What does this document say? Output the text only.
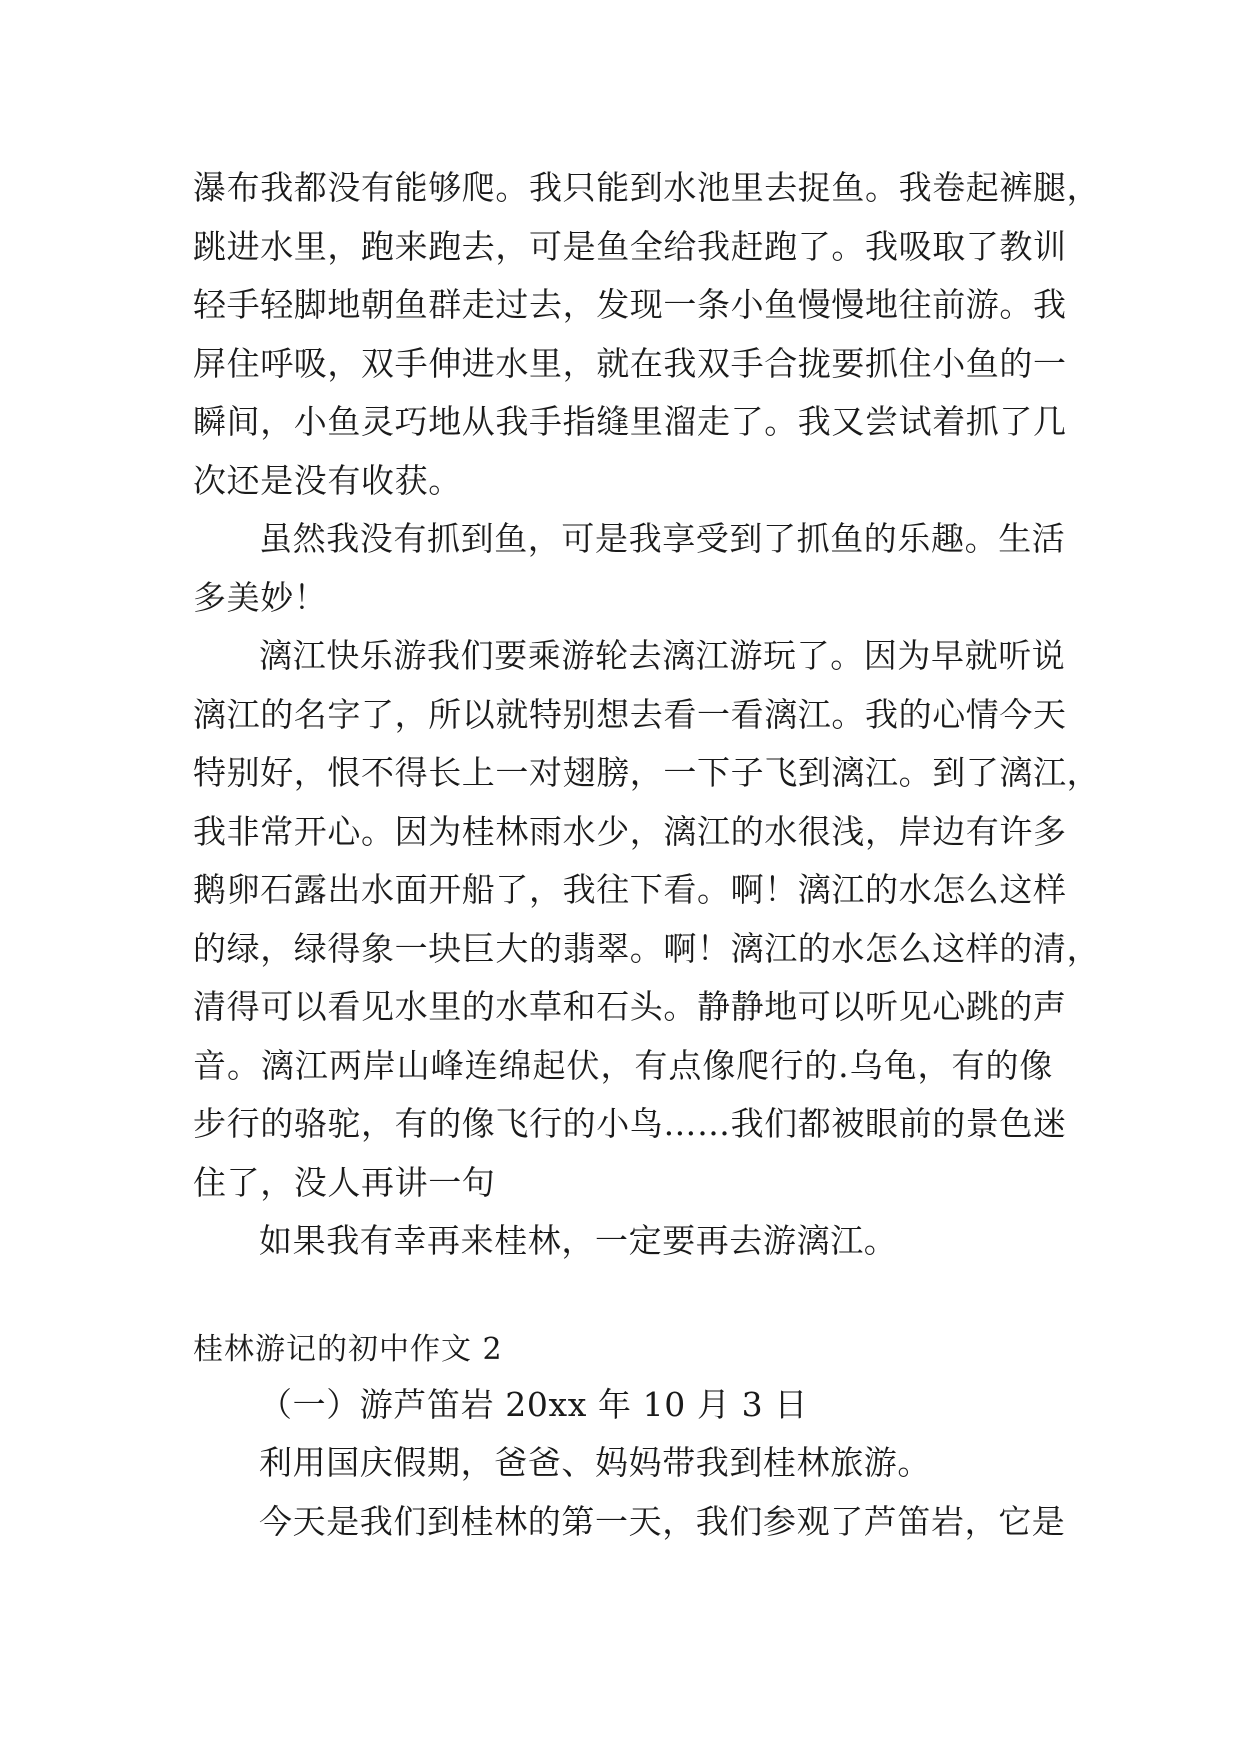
瀑布我都没有能够爬。我只能到水池里去捉鱼。我卷起裤腿，
跳进水里，跑来跑去，可是鱼全给我赶跑了。我吸取了教训
轻手轻脚地朝鱼群走过去，发现一条小鱼慢慢地往前游。我
屏住呼吸，双手伸进水里，就在我双手合拢要抓住小鱼的一
瞬间，小鱼灵巧地从我手指缝里溜走了。我又尝试着抓了几
次还是没有收获。
虽然我没有抓到鱼，可是我享受到了抓鱼的乐趣。生活
多美妙！
漓江快乐游我们要乘游轮去漓江游玩了。因为早就听说
漓江的名字了，所以就特别想去看一看漓江。我的心情今天
特别好，恨不得长上一对翅膀，一下子飞到漓江。到了漓江，
我非常开心。因为桂林雨水少，漓江的水很浅，岸边有许多
鹅卵石露出水面开船了，我往下看。啊！漓江的水怎么这样
的绿，绿得象一块巨大的翡翠。啊！漓江的水怎么这样的清，
清得可以看见水里的水草和石头。静静地可以听见心跳的声
音。漓江两岸山峰连绵起伏，有点像爬行的.乌龟，有的像
步行的骆驼，有的像飞行的小鸟……我们都被眼前的景色迷
住了，没人再讲一句
如果我有幸再来桂林，一定要再去游漓江。
桂林游记的初中作文 2
（一）游芦笛岩 20xx 年 10 月 3 日
利用国庆假期，爸爸、妈妈带我到桂林旅游。
今天是我们到桂林的第一天，我们参观了芦笛岩，它是
